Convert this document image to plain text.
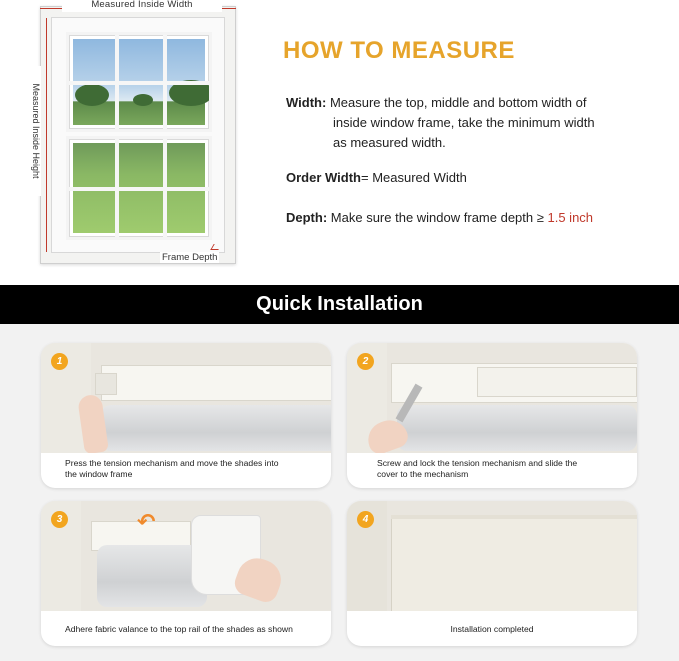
Measured Inside Width
Measured Inside Height
Frame Depth
HOW TO MEASURE
Width: Measure the top, middle and bottom width of
inside window frame, take the minimum width
as measured width.
Order Width= Measured Width
Depth: Make sure the window frame depth ≥ 1.5 inch
Quick Installation
1
Press the tension mechanism and move the shades into
the window frame
2
Screw and lock the tension mechanism and slide the
cover to the mechanism
↶
3
Adhere fabric valance to the top rail of the shades as shown
4
Installation completed
